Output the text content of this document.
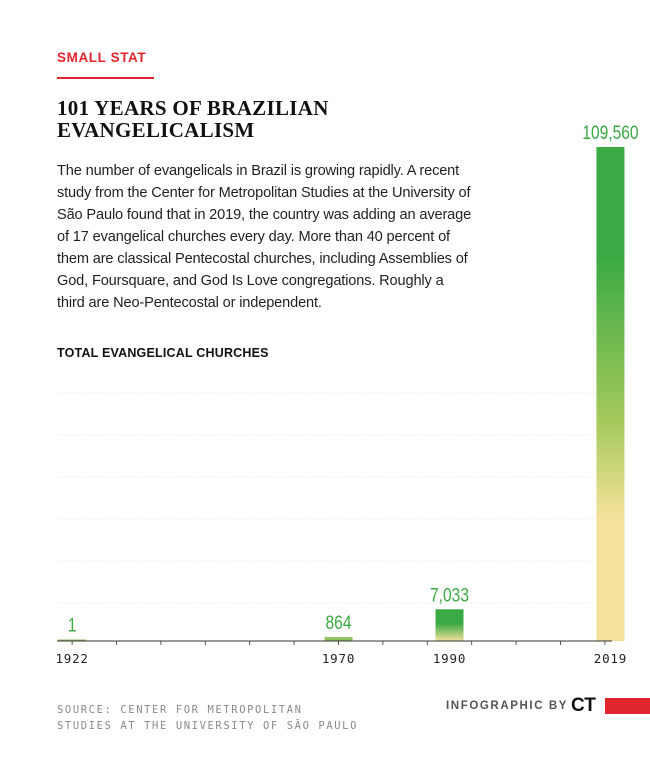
SMALL STAT
101 YEARS OF BRAZILIAN EVANGELICALISM
The number of evangelicals in Brazil is growing rapidly. A recent study from the Center for Metropolitan Studies at the University of São Paulo found that in 2019, the country was adding an average of 17 evangelical churches every day. More than 40 percent of them are classical Pentecostal churches, including Assemblies of God, Foursquare, and God Is Love congregations. Roughly a third are Neo-Pentecostal or independent.
TOTAL EVANGELICAL CHURCHES
1	864
7,033
109,560
1922	1970	1990	2019
SOURCE: CENTER FOR METROPOLITAN
STUDIES AT THE UNIVERSITY OF SÃO PAULO
INFOGRAPHIC BY CT
